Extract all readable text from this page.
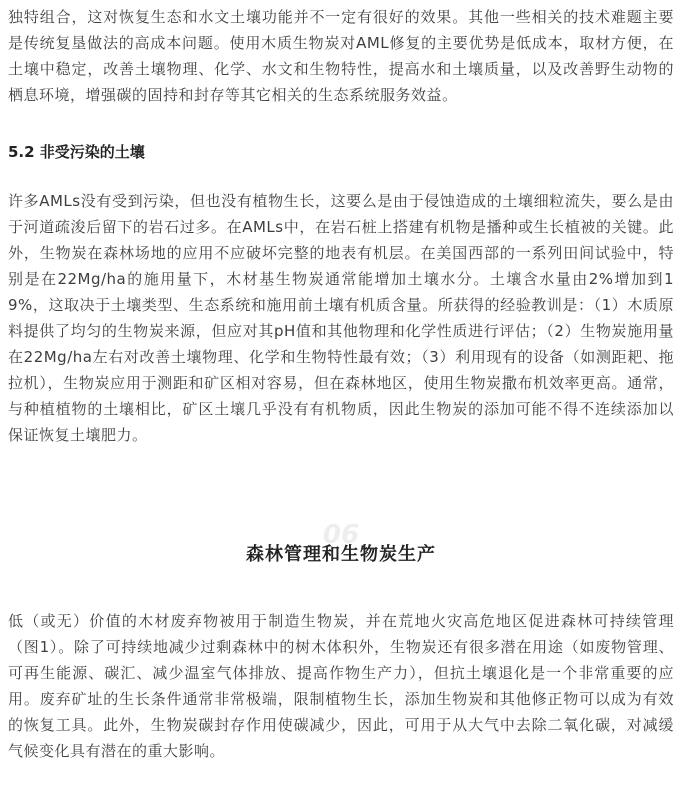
独特组合，这对恢复生态和水文土壤功能并不一定有很好的效果。其他一些相关的技术难题主要是传统复垦做法的高成本问题。使用木质生物炭对AML修复的主要优势是低成本，取材方便，在土壤中稳定，改善土壤物理、化学、水文和生物特性，提高水和土壤质量，以及改善野生动物的栖息环境，增强碳的固持和封存等其它相关的生态系统服务效益。

5.2 非受污染的土壤

许多AMLs没有受到污染，但也没有植物生长，这要么是由于侵蚀造成的土壤细粒流失，要么是由于河道疏浚后留下的岩石过多。在AMLs中，在岩石桩上搭建有机物是播种或生长植被的关键。此外，生物炭在森林场地的应用不应破坏完整的地表有机层。在美国西部的一系列田间试验中，特别是在22Mg/ha的施用量下，木材基生物炭通常能增加土壤水分。土壤含水量由2%增加到19%，这取决于土壤类型、生态系统和施用前土壤有机质含量。所获得的经验教训是：（1）木质原料提供了均匀的生物炭来源，但应对其pH值和其他物理和化学性质进行评估；（2）生物炭施用量在22Mg/ha左右对改善土壤物理、化学和生物特性最有效；（3）利用现有的设备（如测距耙、拖拉机），生物炭应用于测距和矿区相对容易，但在森林地区，使用生物炭撒布机效率更高。通常，与种植植物的土壤相比，矿区土壤几乎没有有机物质，因此生物炭的添加可能不得不连续添加以保证恢复土壤肥力。

06
森林管理和生物炭生产

低（或无）价值的木材废弃物被用于制造生物炭，并在荒地火灾高危地区促进森林可持续管理（图1）。除了可持续地减少过剩森林中的树木体积外，生物炭还有很多潜在用途（如废物管理、可再生能源、碳汇、减少温室气体排放、提高作物生产力），但抗土壤退化是一个非常重要的应用。废弃矿址的生长条件通常非常极端，限制植物生长，添加生物炭和其他修正物可以成为有效的恢复工具。此外，生物炭碳封存作用使碳减少，因此，可用于从大气中去除二氧化碳，对减缓气候变化具有潜在的重大影响。
